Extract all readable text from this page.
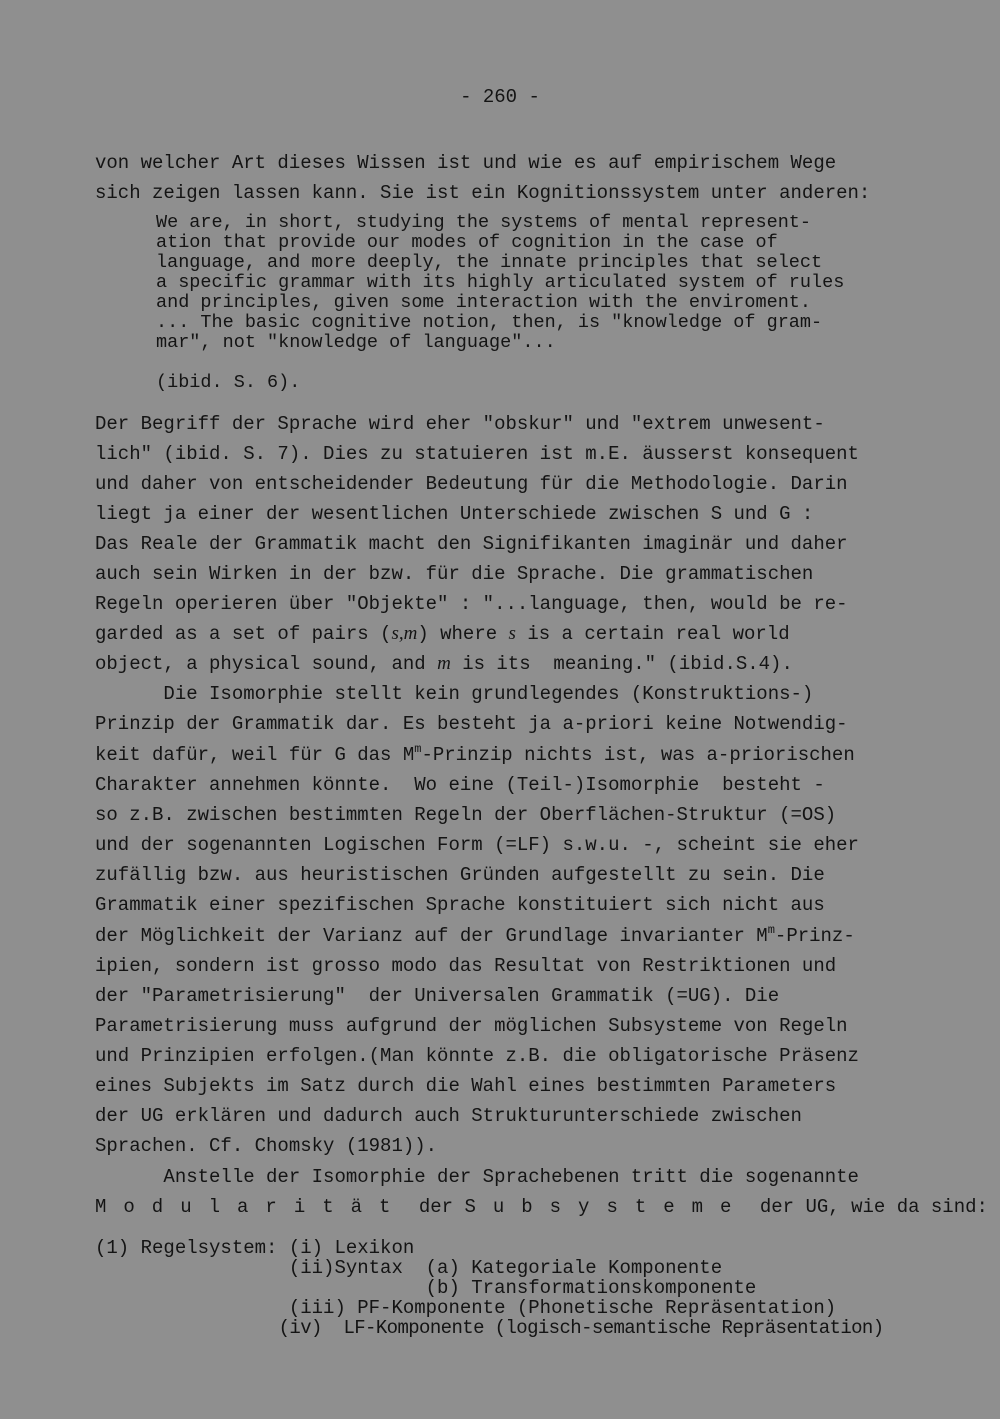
- 260 -
von welcher Art dieses Wissen ist und wie es auf empirischem Wege
sich zeigen lassen kann. Sie ist ein Kognitionssystem unter anderen:
We are, in short, studying the systems of mental represent-
ation that provide our modes of cognition in the case of
language, and more deeply, the innate principles that select
a specific grammar with its highly articulated system of rules
and principles, given some interaction with the enviroment.
... The basic cognitive notion, then, is "knowledge of gram-
mar", not "knowledge of language"...
(ibid. S. 6).
Der Begriff der Sprache wird eher "obskur" und "extrem unwesent-
lich" (ibid. S. 7). Dies zu statuieren ist m.E. äusserst konsequent
und daher von entscheidender Bedeutung für die Methodologie. Darin
liegt ja einer der wesentlichen Unterschiede zwischen S und G :
Das Reale der Grammatik macht den Signifikanten imaginär und daher
auch sein Wirken in der bzw. für die Sprache. Die grammatischen
Regeln operieren über "Objekte" : "...language, then, would be re-
garded as a set of pairs (s,m) where s is a certain real world
object, a physical sound, and m is its  meaning." (ibid.S.4).
Die Isomorphie stellt kein grundlegendes (Konstruktions-)
Prinzip der Grammatik dar. Es besteht ja a-priori keine Notwendig-
keit dafür, weil für G das $M^m$-Prinzip nichts ist, was a-priorischen
Charakter annehmen könnte.  Wo eine (Teil-)Isomorphie  besteht -
so z.B. zwischen bestimmten Regeln der Oberflächen-Struktur (=OS)
und der sogenannten Logischen Form (=LF) s.w.u. -, scheint sie eher
zufällig bzw. aus heuristischen Gründen aufgestellt zu sein. Die
Grammatik einer spezifischen Sprache konstituiert sich nicht aus
der Möglichkeit der Varianz auf der Grundlage invarianter $M^m-Prinz-$
ipien, sondern ist grosso modo das Resultat von Restriktionen und
der "Parametrisierung"  der Universalen Grammatik (=UG). Die
Parametrisierung muss aufgrund der möglichen Subsysteme von Regeln
und Prinzipien erfolgen.(Man könnte z.B. die obligatorische Präsenz
eines Subjekts im Satz durch die Wahl eines bestimmten Parameters
der UG erklären und dadurch auch Strukturunterschiede zwischen
Sprachen. Cf. Chomsky (1981)).
Anstelle der Isomorphie der Sprachebenen tritt die sogenannte
Modularität der Subsysteme der UG, wie da sind:
(1) Regelsystem: (i) Lexikon
(ii)Syntax  (a) Kategoriale Komponente
(b) Transformationskomponente
(iii) PF-Komponente (Phonetische Repräsentation)
(iv)  LF-Komponente (logisch-semantische Repräsentation)
